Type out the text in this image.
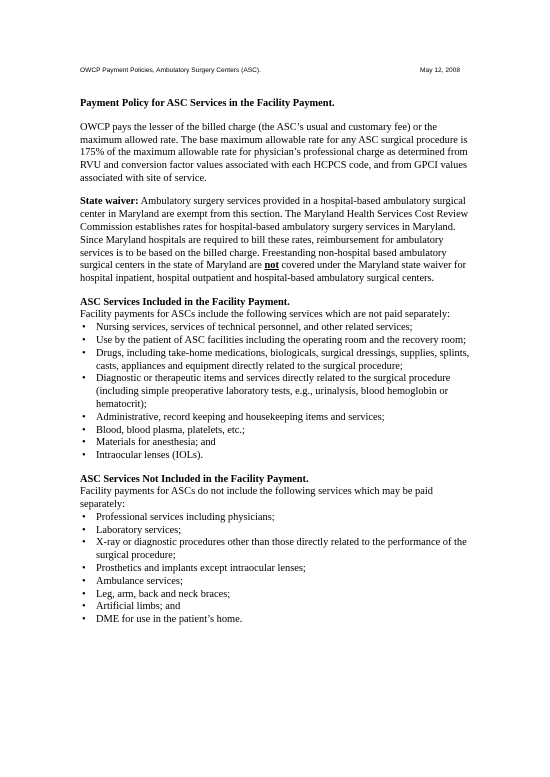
OWCP Payment Policies, Ambulatory Surgery Centers (ASC).	May 12, 2008

Payment Policy for ASC Services in the Facility Payment.

OWCP pays the lesser of the billed charge (the ASC’s usual and customary fee) or the maximum allowed rate. The base maximum allowable rate for any ASC surgical procedure is 175% of the maximum allowable rate for physician’s professional charge as determined from RVU and conversion factor values associated with each HCPCS code, and from GPCI values associated with site of service.

State waiver: Ambulatory surgery services provided in a hospital-based ambulatory surgical center in Maryland are exempt from this section. The Maryland Health Services Cost Review Commission establishes rates for hospital-based ambulatory surgery services in Maryland. Since Maryland hospitals are required to bill these rates, reimbursement for ambulatory services is to be based on the billed charge. Freestanding non-hospital based ambulatory surgical centers in the state of Maryland are not covered under the Maryland state waiver for hospital inpatient, hospital outpatient and hospital-based ambulatory surgical centers.

ASC Services Included in the Facility Payment.
Facility payments for ASCs include the following services which are not paid separately:
• Nursing services, services of technical personnel, and other related services;
• Use by the patient of ASC facilities including the operating room and the recovery room;
• Drugs, including take-home medications, biologicals, surgical dressings, supplies, splints, casts, appliances and equipment directly related to the surgical procedure;
• Diagnostic or therapeutic items and services directly related to the surgical procedure (including simple preoperative laboratory tests, e.g., urinalysis, blood hemoglobin or hematocrit);
• Administrative, record keeping and housekeeping items and services;
• Blood, blood plasma, platelets, etc.;
• Materials for anesthesia; and
• Intraocular lenses (IOLs).
ASC Services Not Included in the Facility Payment.
Facility payments for ASCs do not include the following services which may be paid separately:
• Professional services including physicians;
• Laboratory services;
• X-ray or diagnostic procedures other than those directly related to the performance of the surgical procedure;
• Prosthetics and implants except intraocular lenses;
• Ambulance services;
• Leg, arm, back and neck braces;
• Artificial limbs; and
• DME for use in the patient’s home.
